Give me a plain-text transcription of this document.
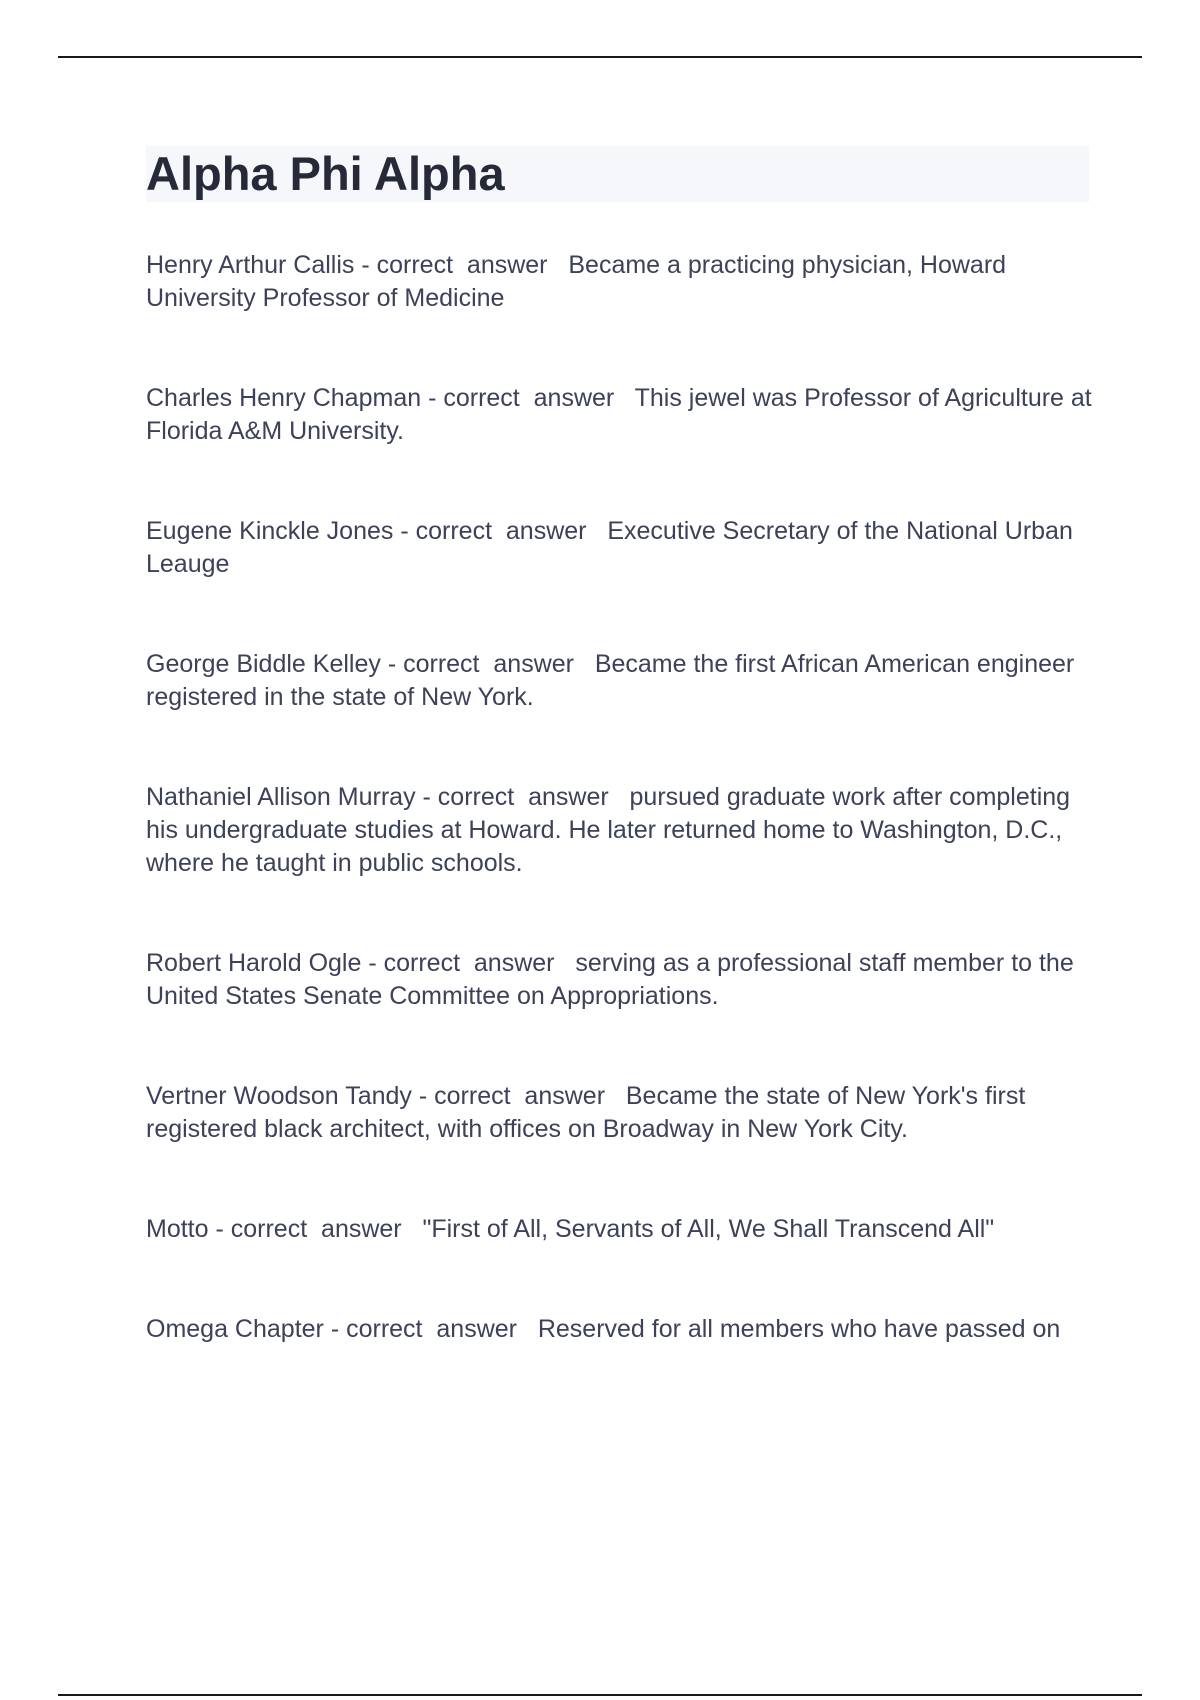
Alpha Phi Alpha

Henry Arthur Callis - correct  answer   Became a practicing physician, Howard University Professor of Medicine

Charles Henry Chapman - correct  answer   This jewel was Professor of Agriculture at Florida A&M University.

Eugene Kinckle Jones - correct  answer   Executive Secretary of the National Urban Leauge

George Biddle Kelley - correct  answer   Became the first African American engineer registered in the state of New York.

Nathaniel Allison Murray - correct  answer   pursued graduate work after completing his undergraduate studies at Howard. He later returned home to Washington, D.C., where he taught in public schools.

Robert Harold Ogle - correct  answer   serving as a professional staff member to the United States Senate Committee on Appropriations.

Vertner Woodson Tandy - correct  answer   Became the state of New York's first registered black architect, with offices on Broadway in New York City.

Motto - correct  answer   "First of All, Servants of All, We Shall Transcend All"

Omega Chapter - correct  answer   Reserved for all members who have passed on
